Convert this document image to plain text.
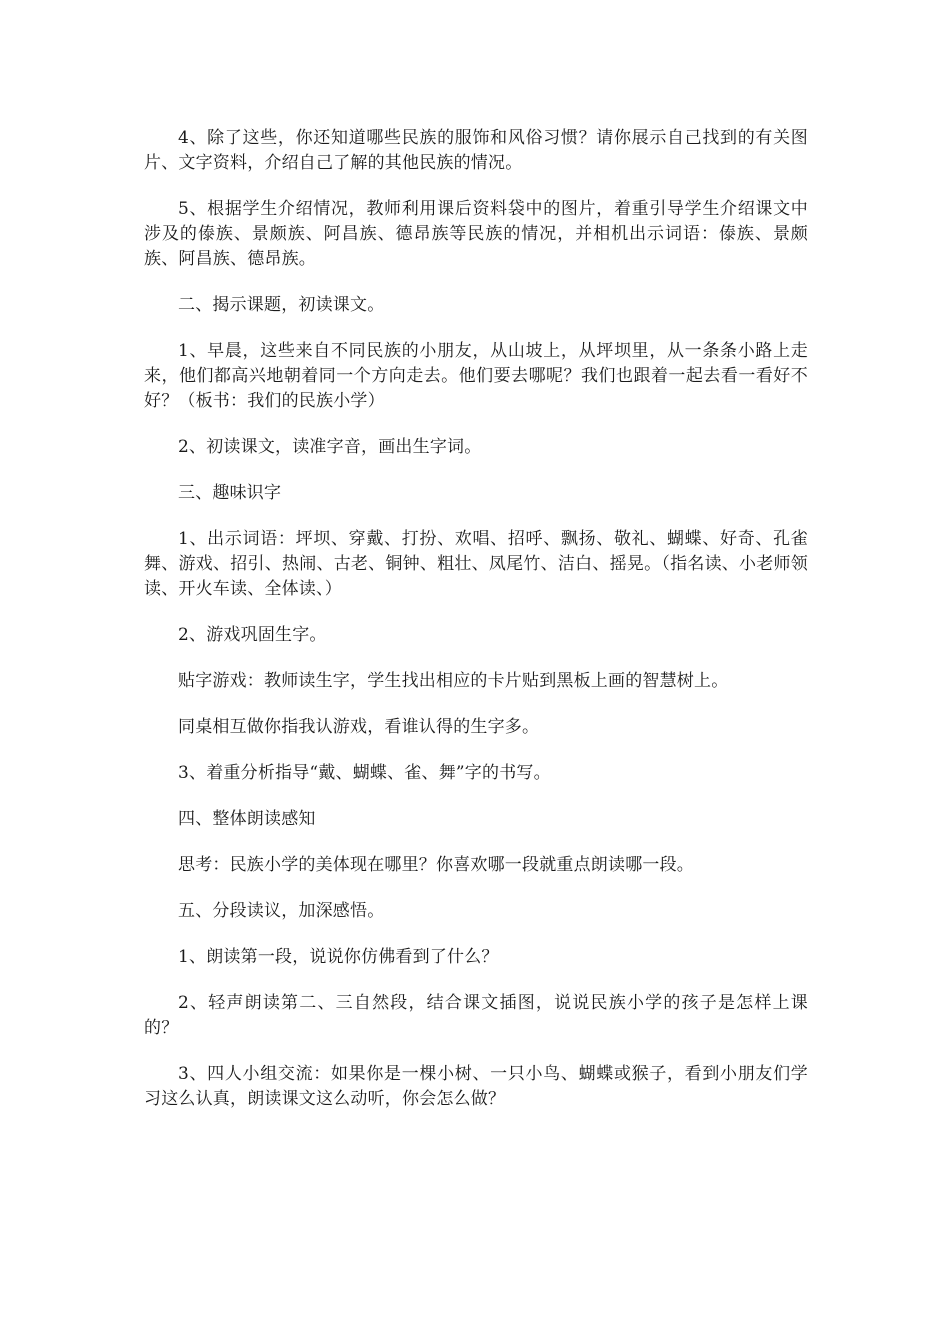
4、除了这些，你还知道哪些民族的服饰和风俗习惯？请你展示自己找到的有关图片、文字资料，介绍自己了解的其他民族的情况。

5、根据学生介绍情况，教师利用课后资料袋中的图片，着重引导学生介绍课文中涉及的傣族、景颇族、阿昌族、德昂族等民族的情况，并相机出示词语：傣族、景颇族、阿昌族、德昂族。

二、揭示课题，初读课文。

1、早晨，这些来自不同民族的小朋友，从山坡上，从坪坝里，从一条条小路上走来，他们都高兴地朝着同一个方向走去。他们要去哪呢？我们也跟着一起去看一看好不好？（板书：我们的民族小学）

2、初读课文，读准字音，画出生字词。

三、趣味识字

1、出示词语：坪坝、穿戴、打扮、欢唱、招呼、飘扬、敬礼、蝴蝶、好奇、孔雀舞、游戏、招引、热闹、古老、铜钟、粗壮、凤尾竹、洁白、摇晃。（指名读、小老师领读、开火车读、全体读、）

2、游戏巩固生字。

贴字游戏：教师读生字，学生找出相应的卡片贴到黑板上画的智慧树上。

同桌相互做你指我认游戏，看谁认得的生字多。

3、着重分析指导“戴、蝴蝶、雀、舞”字的书写。

四、整体朗读感知

思考：民族小学的美体现在哪里？你喜欢哪一段就重点朗读哪一段。

五、分段读议，加深感悟。

1、朗读第一段，说说你仿佛看到了什么？

2、轻声朗读第二、三自然段，结合课文插图，说说民族小学的孩子是怎样上课的？

3、四人小组交流：如果你是一棵小树、一只小鸟、蝴蝶或猴子，看到小朋友们学习这么认真，朗读课文这么动听，你会怎么做？
